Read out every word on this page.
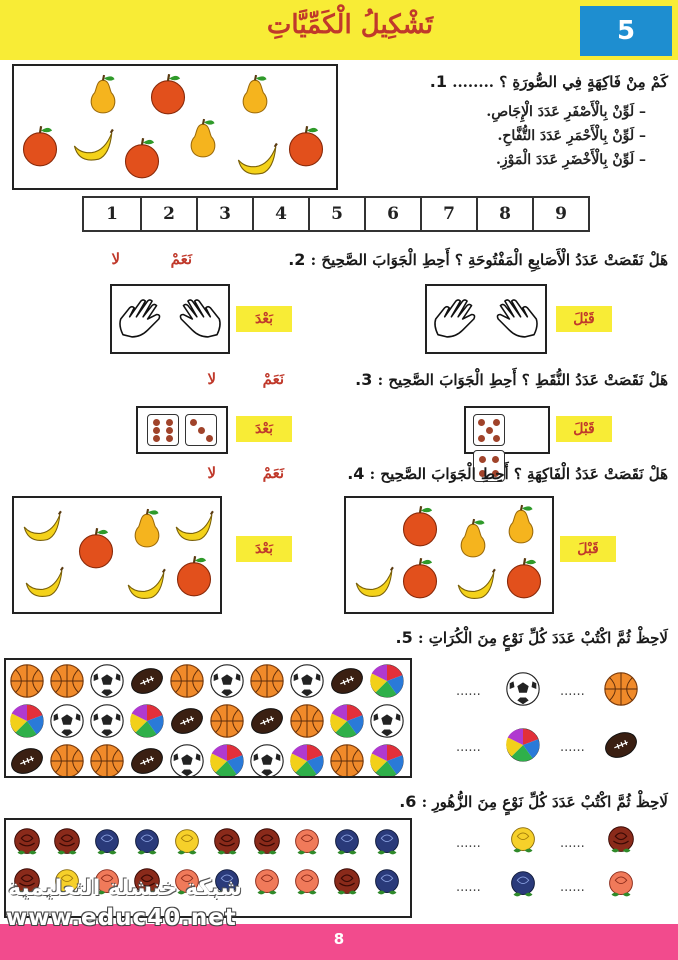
5
تَشْكِيلُ الْكَمِّيَّاتِ
كَمْ مِنْ فَاكِهَةٍ فِي الصُّورَةِ ؟ ........ 1.
– لَوِّنْ بِالْأَصْفَرِ عَدَدَ الْإِجَاصِ.
– لَوِّنْ بِالْأَحْمَرِ عَدَدَ التُّفَّاحِ.
– لَوِّنْ بِالْأَخْضَرِ عَدَدَ الْمَوْزِ.
1	2	3	4	5	6	7	8	9
هَلْ نَقَصَتْ عَدَدُ الْأَصَابِعِ الْمَفْتُوحَةِ ؟ أَحِطِ الْجَوَابَ الصَّحِيحَ : 2.
نَعَمْ
لا
بَعْدَ	قَبْلَ
هَلْ نَقَصَتْ عَدَدُ النُّقَطِ ؟ أَحِطِ الْجَوَابَ الصَّحِيح : 3.
نَعَمْ
لا
بَعْدَ	قَبْلَ
هَلْ نَقَصَتْ عَدَدُ الْفَاكِهَةِ ؟ أَحِطِ الْجَوَابَ الصَّحِيح : 4.
نَعَمْ
لا
بَعْدَ	قَبْلَ
لَاحِظْ ثُمَّ اكْتُبْ عَدَدَ كُلِّ نَوْعٍ مِنَ الْكُرَاتِ : 5.
......
......
......
......
لَاحِظْ ثُمَّ اكْتُبْ عَدَدَ كُلِّ نَوْعٍ مِنَ الزُّهُورِ : 6.
......
......
......
......
8
شبكة خنشلة التعليمية
www.educ40.net
